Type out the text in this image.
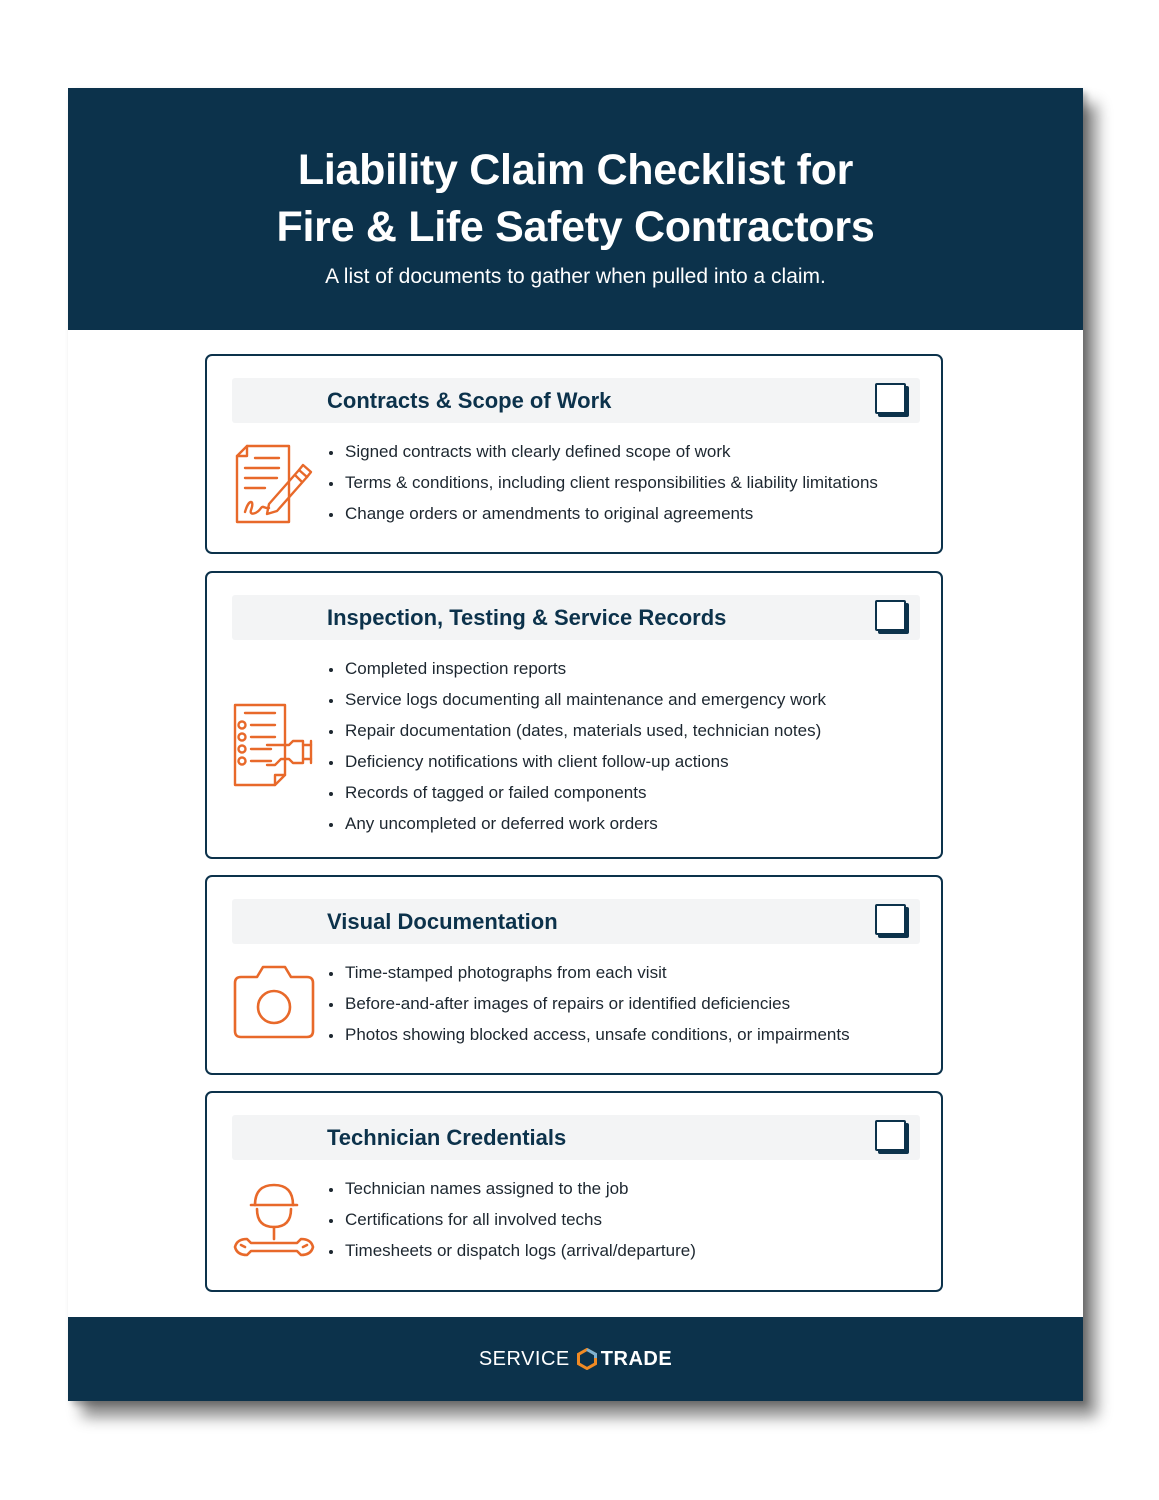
Liability Claim Checklist for
Fire & Life Safety Contractors
A list of documents to gather when pulled into a claim.
Contracts & Scope of Work
Signed contracts with clearly defined scope of work
Terms & conditions, including client responsibilities & liability limitations
Change orders or amendments to original agreements
Inspection, Testing & Service Records
Completed inspection reports
Service logs documenting all maintenance and emergency work
Repair documentation (dates, materials used, technician notes)
Deficiency notifications with client follow-up actions
Records of tagged or failed components
Any uncompleted or deferred work orders
Visual Documentation
Time-stamped photographs from each visit
Before-and-after images of repairs or identified deficiencies
Photos showing blocked access, unsafe conditions, or impairments
Technician Credentials
Technician names assigned to the job
Certifications for all involved techs
Timesheets or dispatch logs (arrival/departure)
SERVICE TRADE
